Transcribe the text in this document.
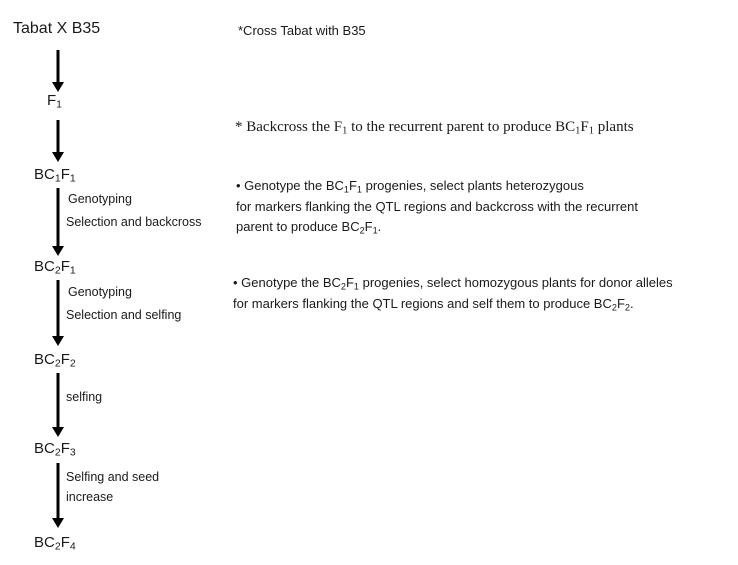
Tabat X B35
$F_1$
$BC_1F_1$
$BC_2F_1$
$BC_2F_2$
$BC_2F_3$
$BC_2F_4$
Genotyping
Selection and backcross
Genotyping
Selection and selfing
selfing
Selfing and seed
increase
*Cross Tabat with B35
* Backcross the $F_1$ to the recurrent parent to produce $BC_1F_1$ plants
• Genotype the $BC_1F_1$ progenies, select plants heterozygous
for markers flanking the QTL regions and backcross with the recurrent
parent to produce $BC_2F_1$.
• Genotype the $BC_2F_1$ progenies, select homozygous plants for donor alleles
for markers flanking the QTL regions and self them to produce $BC_2F_2$.
